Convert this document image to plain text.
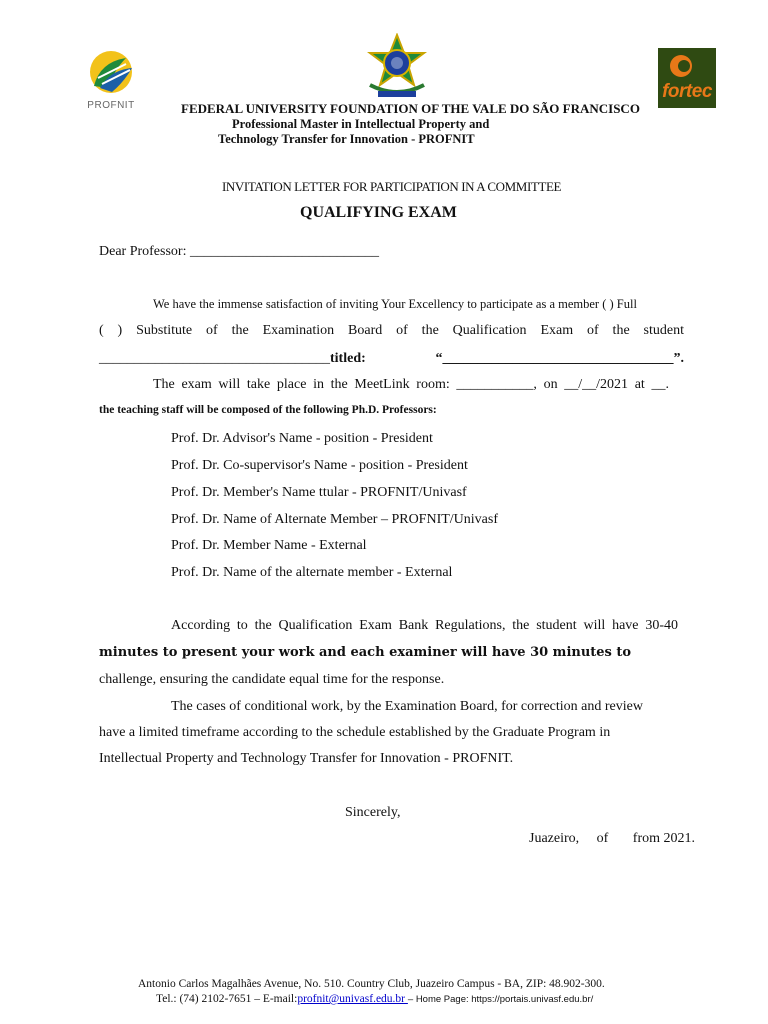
PROFNIT
fortec
FEDERAL UNIVERSITY FOUNDATION OF THE VALE DO SÃO FRANCISCO
Professional Master in Intellectual Property and
Technology Transfer for Innovation - PROFNIT
INVITATION LETTER FOR PARTICIPATION IN A COMMITTEE
QUALIFYING EXAM
Dear Professor: ___________________________
We have the immense satisfaction of inviting Your Excellency to participate as a member ( ) Full
( ) Substitute of the Examination Board of the Qualification Exam of the student
_________________________________titled:	“_________________________________”.
The exam will take place in the MeetLink room: ___________, on __/__/2021 at __.
the teaching staff will be composed of the following Ph.D. Professors:
Prof. Dr. Advisor's Name - position - President
Prof. Dr. Co-supervisor's Name - position - President
Prof. Dr. Member's Name ttular - PROFNIT/Univasf
Prof. Dr. Name of Alternate Member – PROFNIT/Univasf
Prof. Dr. Member Name - External
Prof. Dr. Name of the alternate member - External
According to the Qualification Exam Bank Regulations, the student will have 30-40
minutes to present your work and each examiner will have 30 minutes to
challenge, ensuring the candidate equal time for the response.
The cases of conditional work, by the Examination Board, for correction and review
have a limited timeframe according to the schedule established by the Graduate Program in
Intellectual Property and Technology Transfer for Innovation - PROFNIT.
Sincerely,
Juazeiro,     of       from 2021.
Antonio Carlos Magalhães Avenue, No. 510. Country Club, Juazeiro Campus - BA, ZIP: 48.902-300.
Tel.: (74) 2102-7651 – E-mail:profnit@univasf.edu.br – Home Page: https://portais.univasf.edu.br/
